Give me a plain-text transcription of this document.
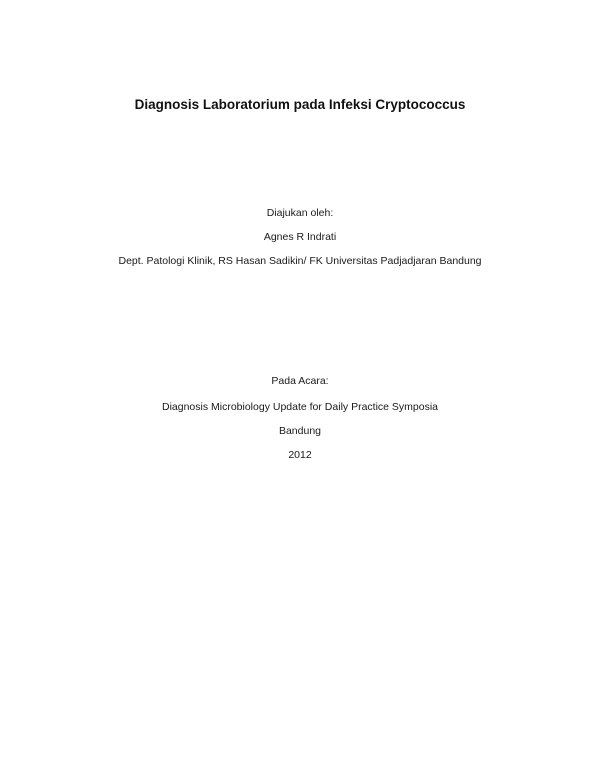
Diagnosis Laboratorium pada Infeksi Cryptococcus
Diajukan oleh:
Agnes R Indrati
Dept. Patologi Klinik, RS Hasan Sadikin/ FK Universitas Padjadjaran Bandung
Pada Acara:
Diagnosis Microbiology Update for Daily Practice Symposia
Bandung
2012
